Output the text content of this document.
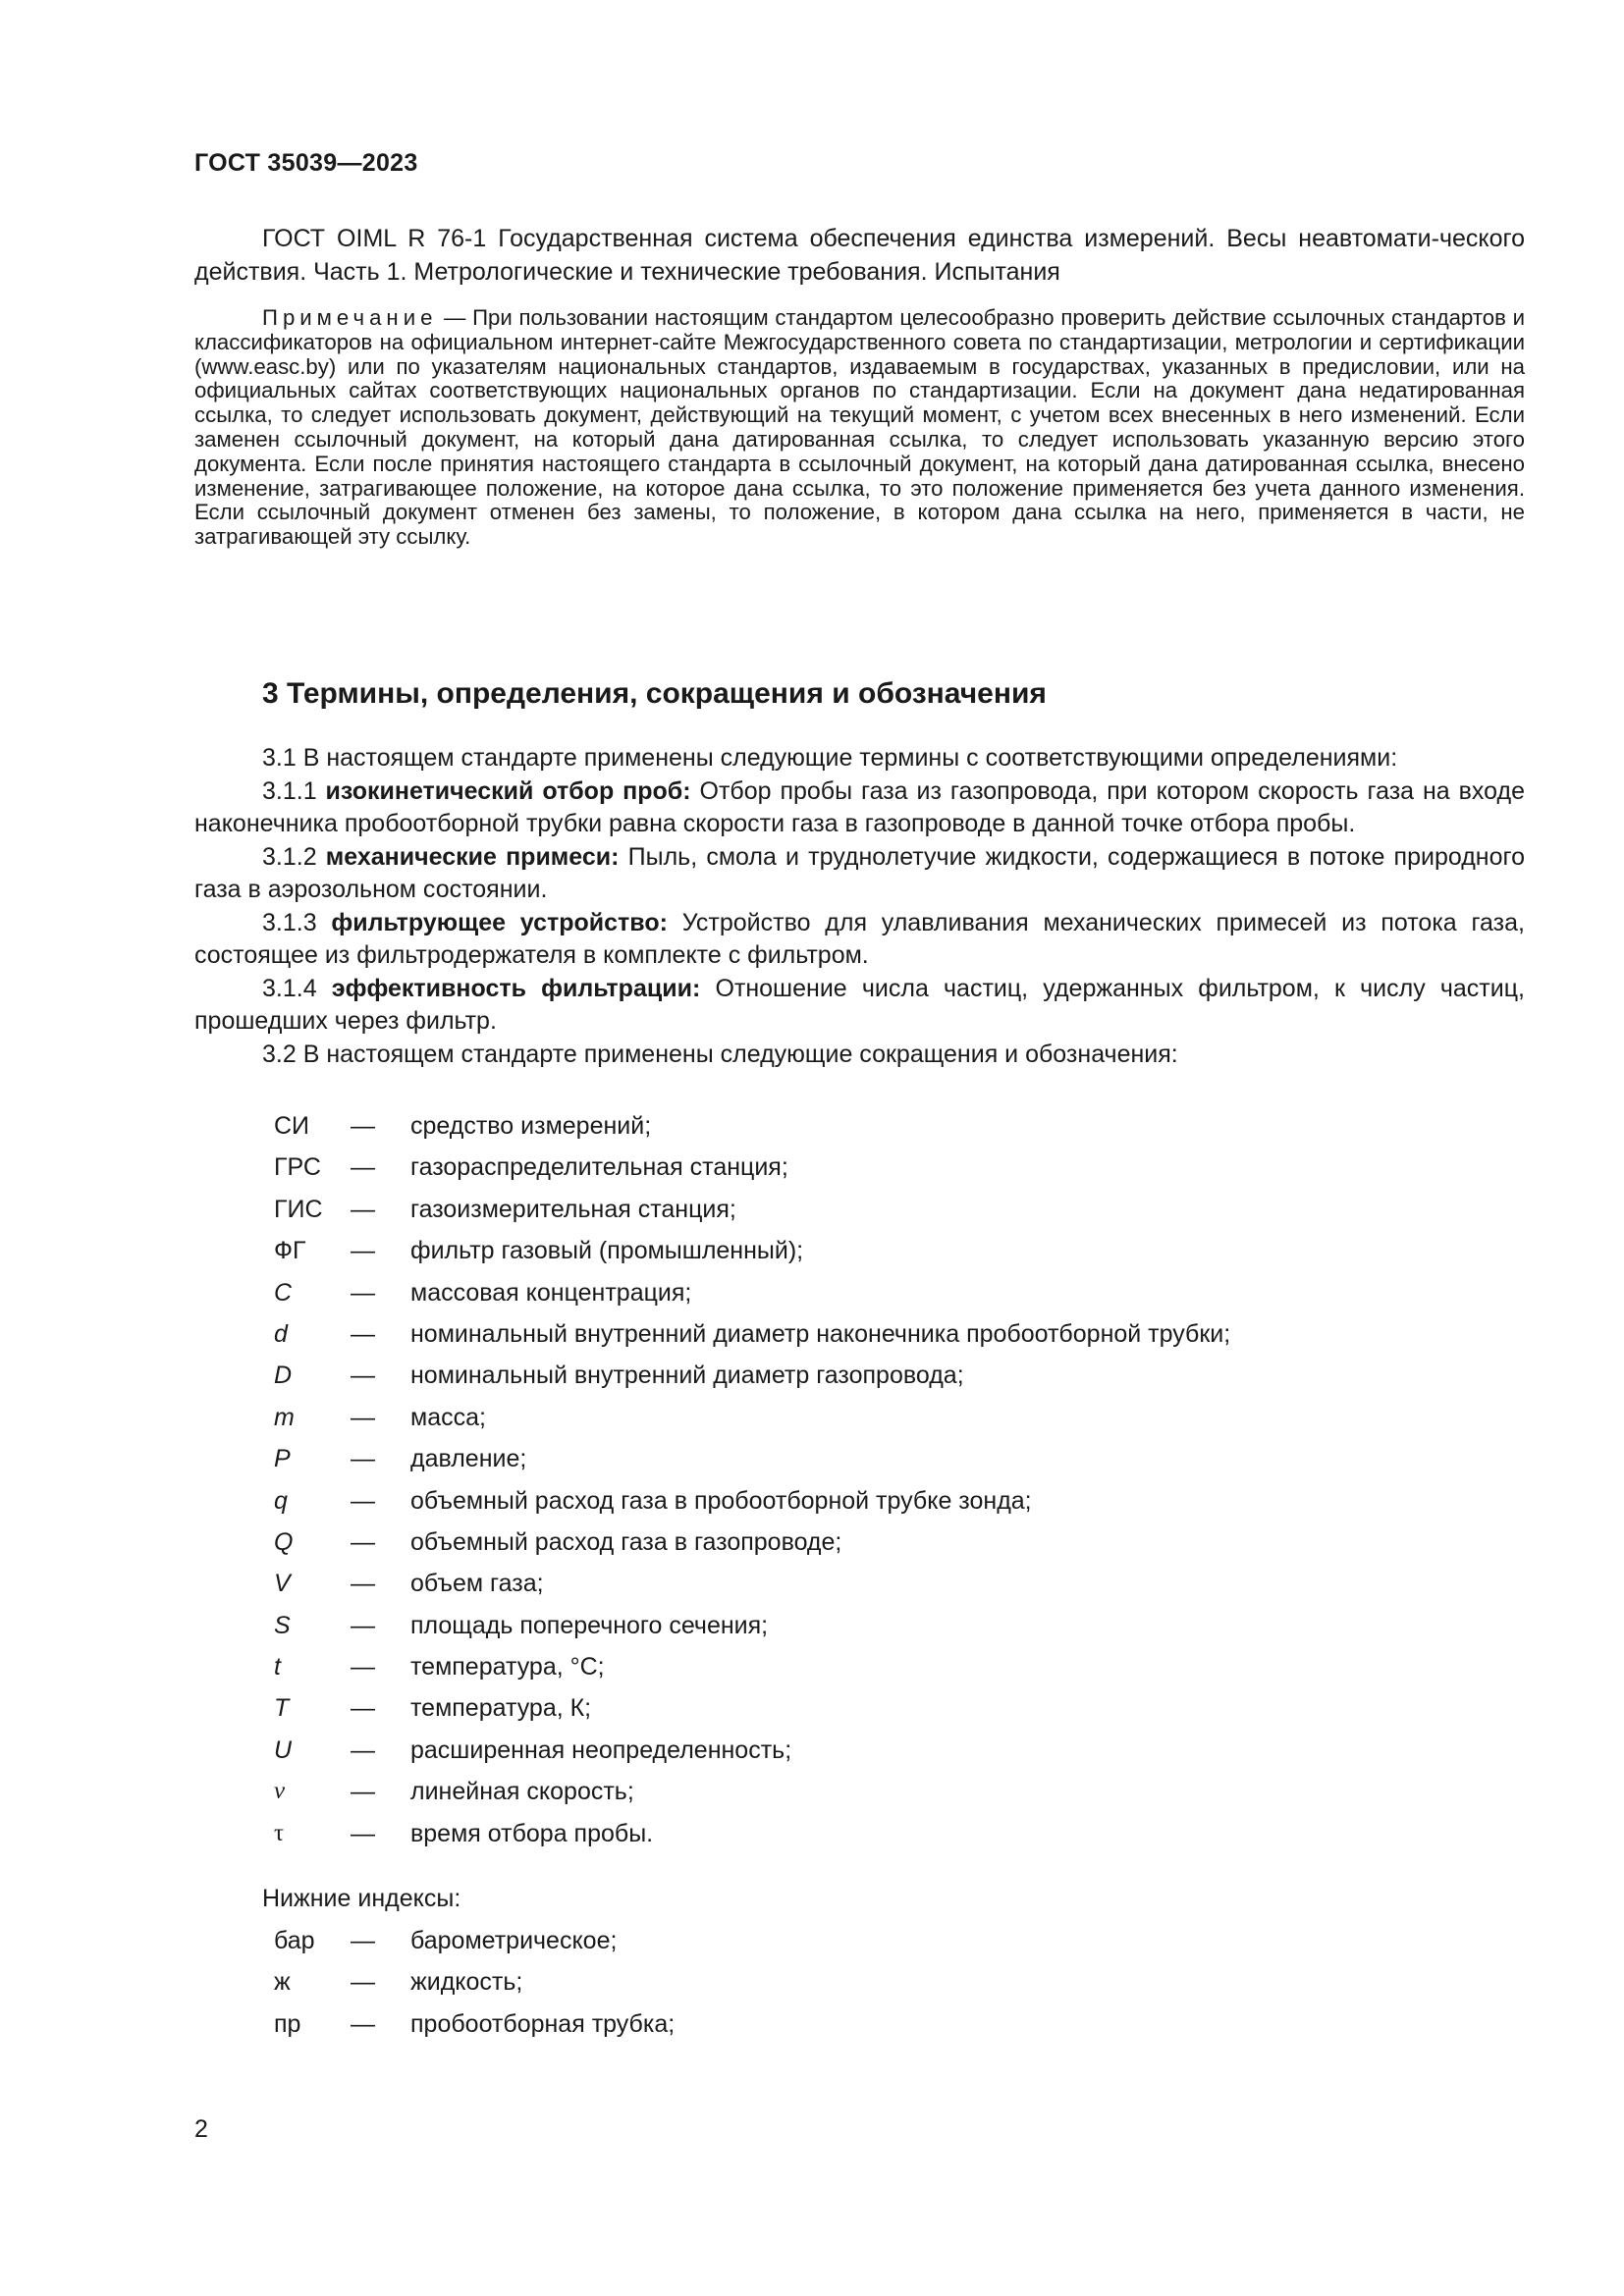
ГОСТ 35039—2023
ГОСТ OIML R 76-1 Государственная система обеспечения единства измерений. Весы неавтомати-ческого действия. Часть 1. Метрологические и технические требования. Испытания
Примечание — При пользовании настоящим стандартом целесообразно проверить действие ссылочных стандартов и классификаторов на официальном интернет-сайте Межгосударственного совета по стандартизации, метрологии и сертификации (www.easc.by) или по указателям национальных стандартов, издаваемым в государствах, указанных в предисловии, или на официальных сайтах соответствующих национальных органов по стандартизации. Если на документ дана недатированная ссылка, то следует использовать документ, действующий на текущий момент, с учетом всех внесенных в него изменений. Если заменен ссылочный документ, на который дана датированная ссылка, то следует использовать указанную версию этого документа. Если после принятия настоящего стандарта в ссылочный документ, на который дана датированная ссылка, внесено изменение, затрагивающее положение, на которое дана ссылка, то это положение применяется без учета данного изменения. Если ссылочный документ отменен без замены, то положение, в котором дана ссылка на него, применяется в части, не затрагивающей эту ссылку.
3 Термины, определения, сокращения и обозначения

3.1 В настоящем стандарте применены следующие термины с соответствующими определениями:

3.1.1 изокинетический отбор проб: Отбор пробы газа из газопровода, при котором скорость газа на входе наконечника пробоотборной трубки равна скорости газа в газопроводе в данной точке отбора пробы.

3.1.2 механические примеси: Пыль, смола и труднолетучие жидкости, содержащиеся в потоке природного газа в аэрозольном состоянии.

3.1.3 фильтрующее устройство: Устройство для улавливания механических примесей из потока газа, состоящее из фильтродержателя в комплекте с фильтром.

3.1.4 эффективность фильтрации: Отношение числа частиц, удержанных фильтром, к числу частиц, прошедших через фильтр.

3.2 В настоящем стандарте применены следующие сокращения и обозначения:

СИ	—	средство измерений;
ГРС	—	газораспределительная станция;
ГИС	—	газоизмерительная станция;
ФГ	—	фильтр газовый (промышленный);
C	—	массовая концентрация;
d	—	номинальный внутренний диаметр наконечника пробоотборной трубки;
D	—	номинальный внутренний диаметр газопровода;
m	—	масса;
P	—	давление;
q	—	объемный расход газа в пробоотборной трубке зонда;
Q	—	объемный расход газа в газопроводе;
V	—	объем газа;
S	—	площадь поперечного сечения;
t	—	температура, °С;
T	—	температура, К;
U	—	расширенная неопределенность;
ν	—	линейная скорость;
τ	—	время отбора пробы.
Нижние индексы:
бар	—	барометрическое;
ж	—	жидкость;
пр	—	пробоотборная трубка;
2
